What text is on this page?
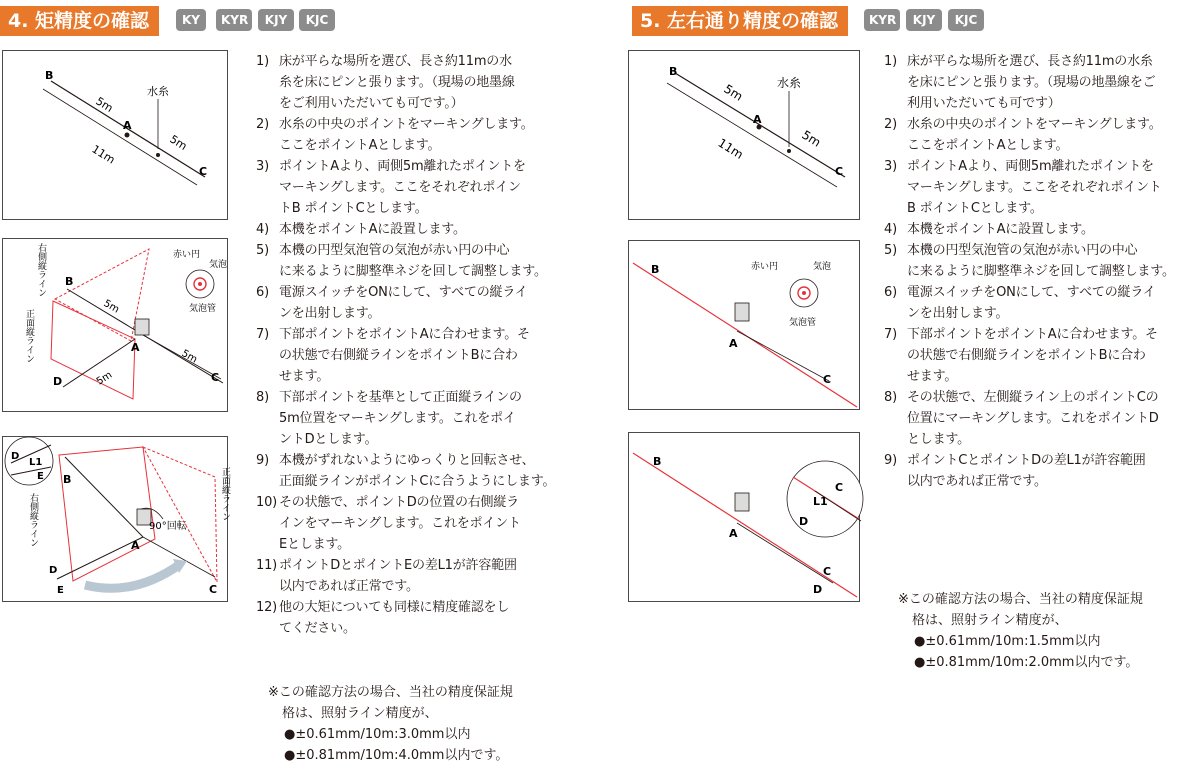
4. 矩精度の確認	KY	KYR	KJY	KJC
B
A
C
5m
5m
11m
水糸
B
A
C
D
5m
5m
5m
右側縦ライン
正面縦ライン
赤い円
気泡
気泡管
D
L1
E B
A
C
90°回転
正面縦ライン
右側縦ライン
D
E
1) 床が平らな場所を選び、長さ約11mの水
糸を床にピンと張ります。（現場の地墨線
をご利用いただいても可です。）
2) 水糸の中央のポイントをマーキングします。
ここをポイントAとします。
3) ポイントAより、両側5m離れたポイントを
マーキングします。ここをそれぞれポイン
トB ポイントCとします。
4) 本機をポイントAに設置します。
5) 本機の円型気泡管の気泡が赤い円の中心
に来るように脚整準ネジを回して調整します。
6) 電源スイッチをONにして、すべての縦ライ
ンを出射します。
7) 下部ポイントをポイントAに合わせます。そ
の状態で右側縦ラインをポイントBに合わ
せます。
8) 下部ポイントを基準として正面縦ラインの
5m位置をマーキングします。これをポイ
ントDとします。
9) 本機がずれないようにゆっくりと回転させ、
正面縦ラインがポイントCに合うようにします。
10) その状態で、ポイントDの位置の右側縦ラ
インをマーキングします。これをポイント
Eとします。
11) ポイントDとポイントEの差L1が許容範囲
以内であれば正常です。
12) 他の大矩についても同様に精度確認をし
てください。
※この確認方法の場合、当社の精度保証規
格は、照射ライン精度が、
●±0.61mm/10m:3.0mm以内
●±0.81mm/10m:4.0mm以内です。
5. 左右通り精度の確認	KYR	KJY	KJC
B
A
C
5m
5m
11m
水糸
B
A
C
赤い円	気泡
気泡管
B
A
C
D
L1
C
D
1) 床が平らな場所を選び、長さ約11mの水糸
を床にピンと張ります。（現場の地墨線をご
利用いただいても可です）
2) 水糸の中央のポイントをマーキングします。
ここをポイントAとします。
3) ポイントAより、両側5m離れたポイントを
マーキングします。ここをそれぞれポイント
B ポイントCとします。
4) 本機をポイントAに設置します。
5) 本機の円型気泡管の気泡が赤い円の中心
に来るように脚整準ネジを回して調整します。
6) 電源スイッチをONにして、すべての縦ライ
ンを出射します。
7) 下部ポイントをポイントAに合わせます。そ
の状態で右側縦ラインをポイントBに合わ
せます。
8) その状態で、左側縦ライン上のポイントCの
位置にマーキングします。これをポイントD
とします。
9) ポイントCとポイントDの差L1が許容範囲
以内であれば正常です。
※この確認方法の場合、当社の精度保証規
格は、照射ライン精度が、
●±0.61mm/10m:1.5mm以内
●±0.81mm/10m:2.0mm以内です。
